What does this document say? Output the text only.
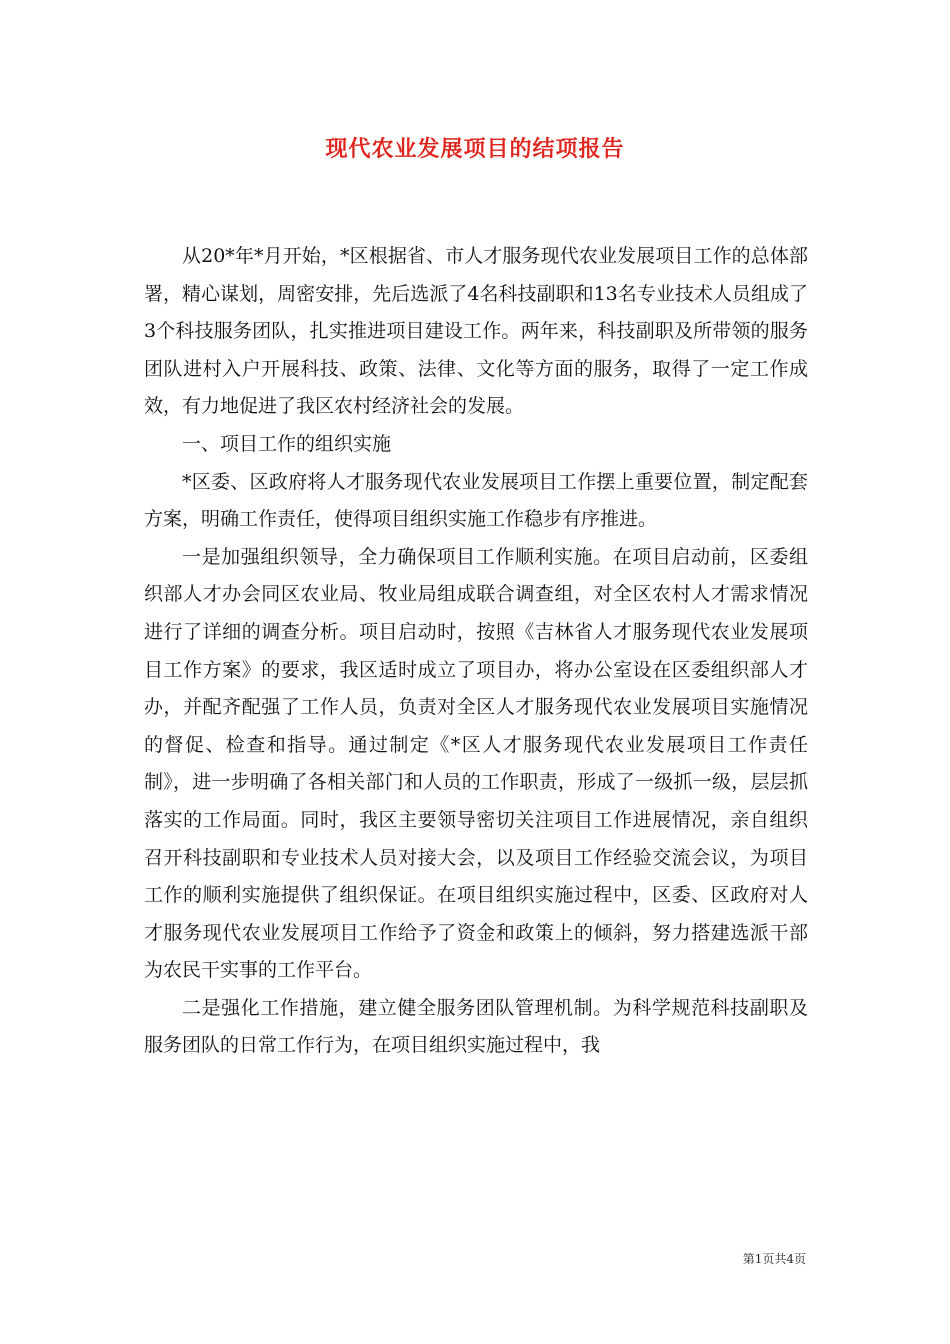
现代农业发展项目的结项报告

从20*年*月开始，*区根据省、市人才服务现代农业发展项目工作的总体部署，精心谋划，周密安排，先后选派了4名科技副职和13名专业技术人员组成了3个科技服务团队，扎实推进项目建设工作。两年来，科技副职及所带领的服务团队进村入户开展科技、政策、法律、文化等方面的服务，取得了一定工作成效，有力地促进了我区农村经济社会的发展。

一、项目工作的组织实施

*区委、区政府将人才服务现代农业发展项目工作摆上重要位置，制定配套方案，明确工作责任，使得项目组织实施工作稳步有序推进。

一是加强组织领导，全力确保项目工作顺利实施。在项目启动前，区委组织部人才办会同区农业局、牧业局组成联合调查组，对全区农村人才需求情况进行了详细的调查分析。项目启动时，按照《吉林省人才服务现代农业发展项目工作方案》的要求，我区适时成立了项目办，将办公室设在区委组织部人才办，并配齐配强了工作人员，负责对全区人才服务现代农业发展项目实施情况的督促、检查和指导。通过制定《*区人才服务现代农业发展项目工作责任制》，进一步明确了各相关部门和人员的工作职责，形成了一级抓一级，层层抓落实的工作局面。同时，我区主要领导密切关注项目工作进展情况，亲自组织召开科技副职和专业技术人员对接大会，以及项目工作经验交流会议，为项目工作的顺利实施提供了组织保证。在项目组织实施过程中，区委、区政府对人才服务现代农业发展项目工作给予了资金和政策上的倾斜，努力搭建选派干部为农民干实事的工作平台。

二是强化工作措施，建立健全服务团队管理机制。为科学规范科技副职及服务团队的日常工作行为，在项目组织实施过程中，我

第1页共4页
